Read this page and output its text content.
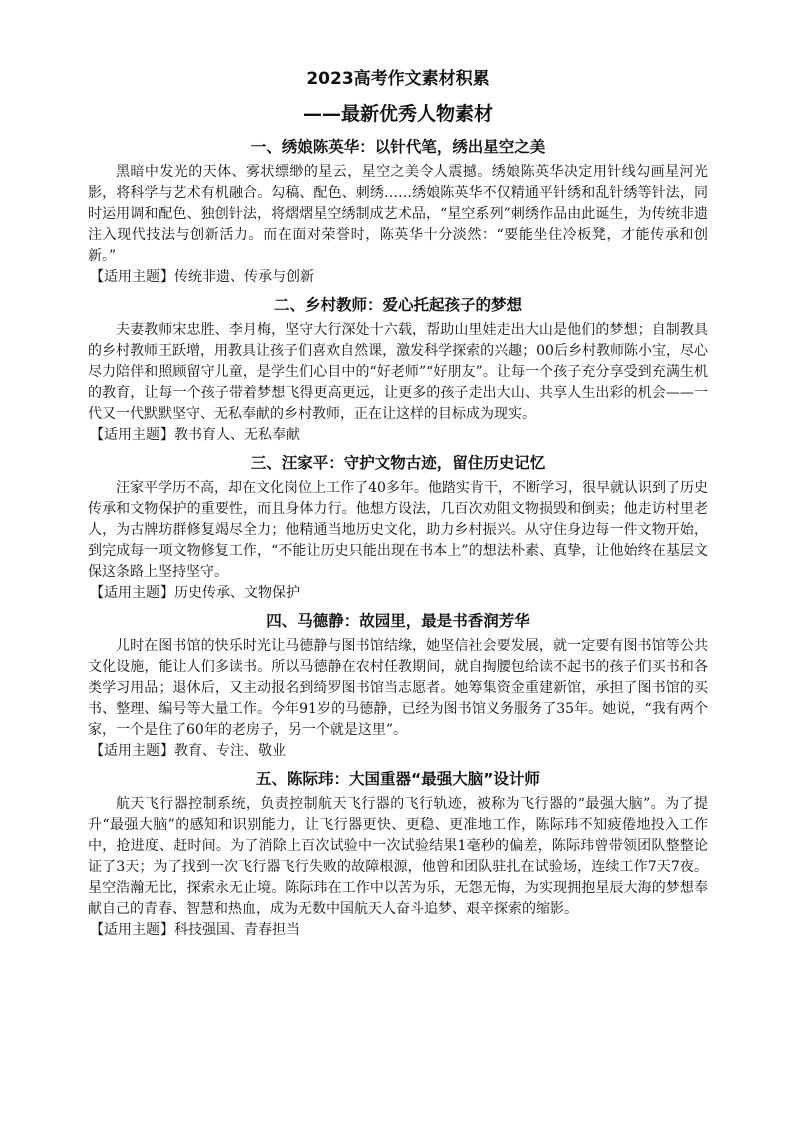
2023高考作文素材积累
——最新优秀人物素材
一、绣娘陈英华：以针代笔，绣出星空之美

黑暗中发光的天体、雾状缥缈的星云，星空之美令人震撼。绣娘陈英华决定用针线勾画星河光影，将科学与艺术有机融合。勾稿、配色、刺绣……绣娘陈英华不仅精通平针绣和乱针绣等针法，同时运用调和配色、独创针法，将熠熠星空绣制成艺术品，“星空系列”刺绣作品由此诞生，为传统非遗注入现代技法与创新活力。而在面对荣誉时，陈英华十分淡然：“要能坐住冷板凳，才能传承和创新。”

【适用主题】传统非遗、传承与创新
二、乡村教师：爱心托起孩子的梦想

夫妻教师宋忠胜、李月梅，坚守大行深处十六载，帮助山里娃走出大山是他们的梦想；自制教具的乡村教师王跃增，用教具让孩子们喜欢自然课，激发科学探索的兴趣；00后乡村教师陈小宝，尽心尽力陪伴和照顾留守儿童，是学生们心目中的“好老师”“好朋友”。让每一个孩子充分享受到充满生机的教育，让每一个孩子带着梦想飞得更高更远，让更多的孩子走出大山、共享人生出彩的机会——一代又一代默默坚守、无私奉献的乡村教师，正在让这样的目标成为现实。

【适用主题】教书育人、无私奉献
三、汪家平：守护文物古迹，留住历史记忆

汪家平学历不高，却在文化岗位上工作了40多年。他踏实肯干，不断学习，很早就认识到了历史传承和文物保护的重要性，而且身体力行。他想方设法，几百次劝阻文物损毁和倒卖；他走访村里老人，为古牌坊群修复竭尽全力；他精通当地历史文化，助力乡村振兴。从守住身边每一件文物开始，到完成每一项文物修复工作，“不能让历史只能出现在书本上”的想法朴素、真挚，让他始终在基层文保这条路上坚持坚守。

【适用主题】历史传承、文物保护
四、马德静：故园里，最是书香润芳华

儿时在图书馆的快乐时光让马德静与图书馆结缘，她坚信社会要发展，就一定要有图书馆等公共文化设施，能让人们多读书。所以马德静在农村任教期间，就自掏腰包给读不起书的孩子们买书和各类学习用品；退休后，又主动报名到绮罗图书馆当志愿者。她筹集资金重建新馆，承担了图书馆的买书、整理、编号等大量工作。今年91岁的马德静，已经为图书馆义务服务了35年。她说，“我有两个家，一个是住了60年的老房子，另一个就是这里”。

【适用主题】教育、专注、敬业
五、陈际玮：大国重器“最强大脑”设计师

航天飞行器控制系统，负责控制航天飞行器的飞行轨迹，被称为飞行器的“最强大脑”。为了提升“最强大脑”的感知和识别能力，让飞行器更快、更稳、更准地工作，陈际玮不知疲倦地投入工作中，抢进度、赶时间。为了消除上百次试验中一次试验结果1毫秒的偏差，陈际玮曾带领团队整整论证了3天；为了找到一次飞行器飞行失败的故障根源，他曾和团队驻扎在试验场，连续工作7天7夜。星空浩瀚无比，探索永无止境。陈际玮在工作中以苦为乐，无怨无悔，为实现拥抱星辰大海的梦想奉献自己的青春、智慧和热血，成为无数中国航天人奋斗追梦、艰辛探索的缩影。

【适用主题】科技强国、青春担当
